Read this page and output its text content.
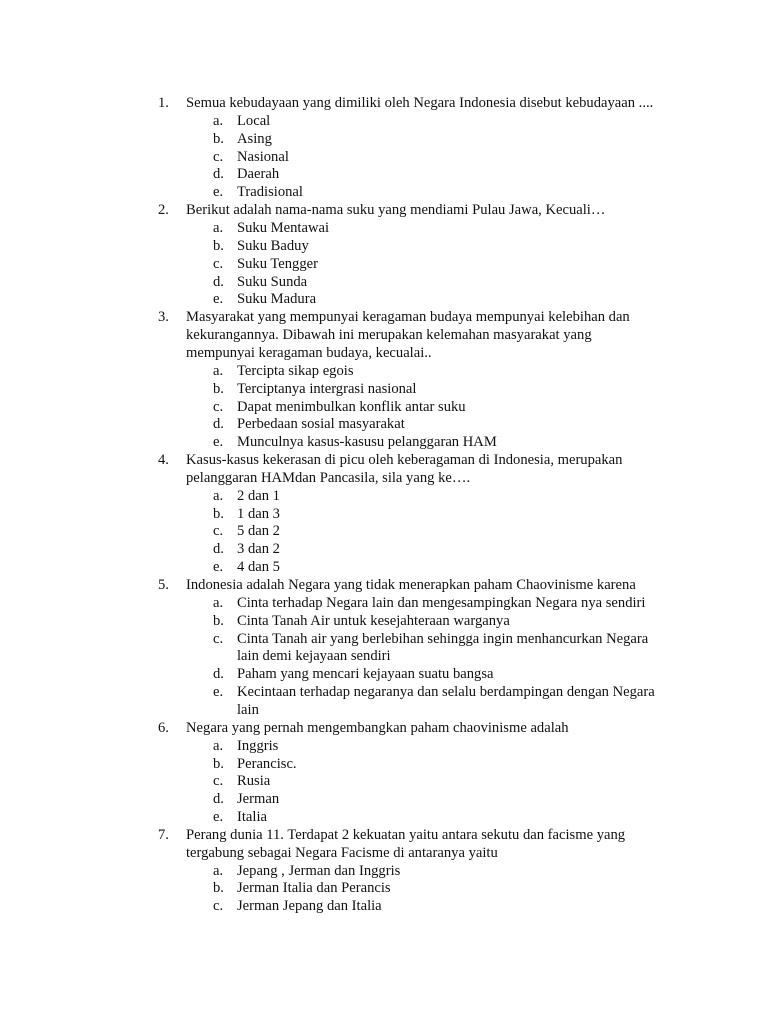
1.	Semua kebudayaan yang dimiliki oleh Negara Indonesia disebut kebudayaan ....
a. Local
b. Asing
c. Nasional
d. Daerah
e. Tradisional
2.	Berikut adalah nama-nama suku yang mendiami Pulau Jawa, Kecuali…
a. Suku Mentawai
b. Suku Baduy
c. Suku Tengger
d. Suku Sunda
e. Suku Madura
3.	Masyarakat yang mempunyai keragaman budaya mempunyai kelebihan dan
kekurangannya. Dibawah ini merupakan kelemahan masyarakat yang
mempunyai keragaman budaya, kecualai..
a. Tercipta sikap egois
b. Terciptanya intergrasi nasional
c. Dapat menimbulkan konflik antar suku
d. Perbedaan sosial masyarakat
e. Munculnya kasus-kasusu pelanggaran HAM
4.	Kasus-kasus kekerasan di picu oleh keberagaman di Indonesia, merupakan
pelanggaran HAMdan Pancasila, sila yang ke….
a. 2 dan 1
b. 1 dan 3
c. 5 dan 2
d. 3 dan 2
e. 4 dan 5
5.	Indonesia adalah Negara yang tidak menerapkan paham Chaovinisme karena
a. Cinta terhadap Negara lain dan mengesampingkan Negara nya sendiri
b. Cinta Tanah Air untuk kesejahteraan warganya
c. Cinta Tanah air yang berlebihan sehingga ingin menhancurkan Negara
lain demi kejayaan sendiri
d. Paham yang mencari kejayaan suatu bangsa
e. Kecintaan terhadap negaranya dan selalu berdampingan dengan Negara
lain
6.	Negara yang pernah mengembangkan paham chaovinisme adalah
a. Inggris
b. Perancisc.
c. Rusia
d. Jerman
e. Italia
7.	Perang dunia 11. Terdapat 2 kekuatan yaitu antara sekutu dan facisme yang
tergabung sebagai Negara Facisme di antaranya yaitu
a. Jepang , Jerman dan Inggris
b. Jerman Italia dan Perancis
c. Jerman Jepang dan Italia
